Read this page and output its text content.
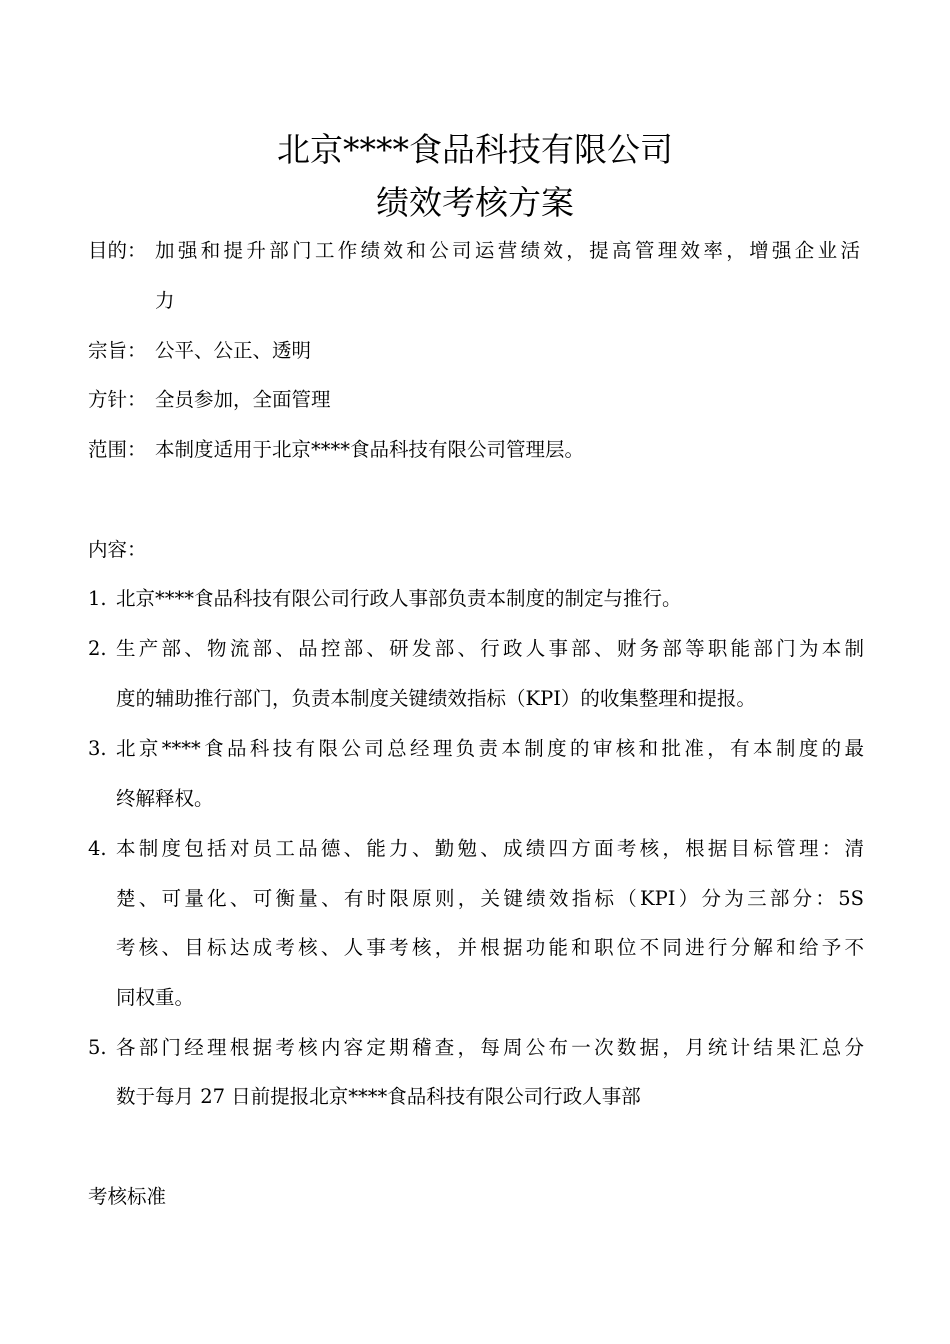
北京****食品科技有限公司
绩效考核方案
目的： 加强和提升部门工作绩效和公司运营绩效，提高管理效率，增强企业活
力
宗旨： 公平、公正、透明
方针： 全员参加，全面管理
范围： 本制度适用于北京****食品科技有限公司管理层。
内容：
1. 北京****食品科技有限公司行政人事部负责本制度的制定与推行。
2. 生产部、物流部、品控部、研发部、行政人事部、财务部等职能部门为本制
度的辅助推行部门，负责本制度关键绩效指标（KPI）的收集整理和提报。
3. 北京****食品科技有限公司总经理负责本制度的审核和批准，有本制度的最
终解释权。
4. 本制度包括对员工品德、能力、勤勉、成绩四方面考核，根据目标管理：清
楚、可量化、可衡量、有时限原则，关键绩效指标（KPI）分为三部分：5S
考核、目标达成考核、人事考核，并根据功能和职位不同进行分解和给予不
同权重。
5. 各部门经理根据考核内容定期稽查，每周公布一次数据，月统计结果汇总分
数于每月 27 日前提报北京****食品科技有限公司行政人事部
考核标准
